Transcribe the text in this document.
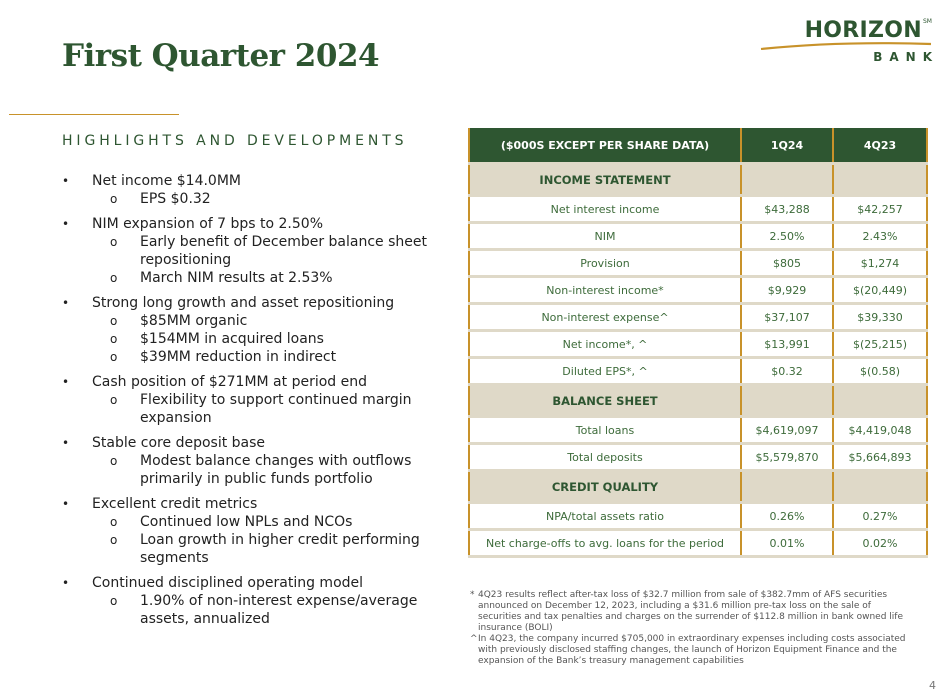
First Quarter 2024
HORIZON SM
BANK
HIGHLIGHTS AND DEVELOPMENTS
•	Net income $14.0MM
o	EPS $0.32
•	NIM expansion of 7 bps to 2.50%
o	Early benefit of December balance sheet repositioning
o	March NIM results at 2.53%
•	Strong long growth and asset repositioning
o	$85MM organic
o	$154MM in acquired loans
o	$39MM reduction in indirect
•	Cash position of $271MM at period end
o	Flexibility to support continued margin expansion
•	Stable core deposit base
o	Modest balance changes with outflows primarily in public funds portfolio
•	Excellent credit metrics
o	Continued low NPLs and NCOs
o	Loan growth in higher credit performing segments
•	Continued disciplined operating model
o	1.90% of non-interest expense/average assets, annualized
($000S EXCEPT PER SHARE DATA)	1Q24	4Q23
INCOME STATEMENT		
Net interest income	$43,288	$42,257
NIM	2.50%	2.43%
Provision	$805	$1,274
Non-interest income*	$9,929	$(20,449)
Non-interest expense^	$37,107	$39,330
Net income*, ^	$13,991	$(25,215)
Diluted EPS*, ^	$0.32	$(0.58)
BALANCE SHEET		
Total loans	$4,619,097	$4,419,048
Total deposits	$5,579,870	$5,664,893
CREDIT QUALITY		
NPA/total assets ratio	0.26%	0.27%
Net charge-offs to avg. loans for the period	0.01%	0.02%
* 4Q23 results reflect after-tax loss of $32.7 million from sale of $382.7mm of AFS securities announced on December 12, 2023, including a $31.6 million pre-tax loss on the sale of securities and tax penalties and charges on the surrender of $112.8 million in bank owned life insurance (BOLI)
^ In 4Q23, the company incurred $705,000 in extraordinary expenses including costs associated with previously disclosed staffing changes, the launch of Horizon Equipment Finance and the expansion of the Bank’s treasury management capabilities
4
